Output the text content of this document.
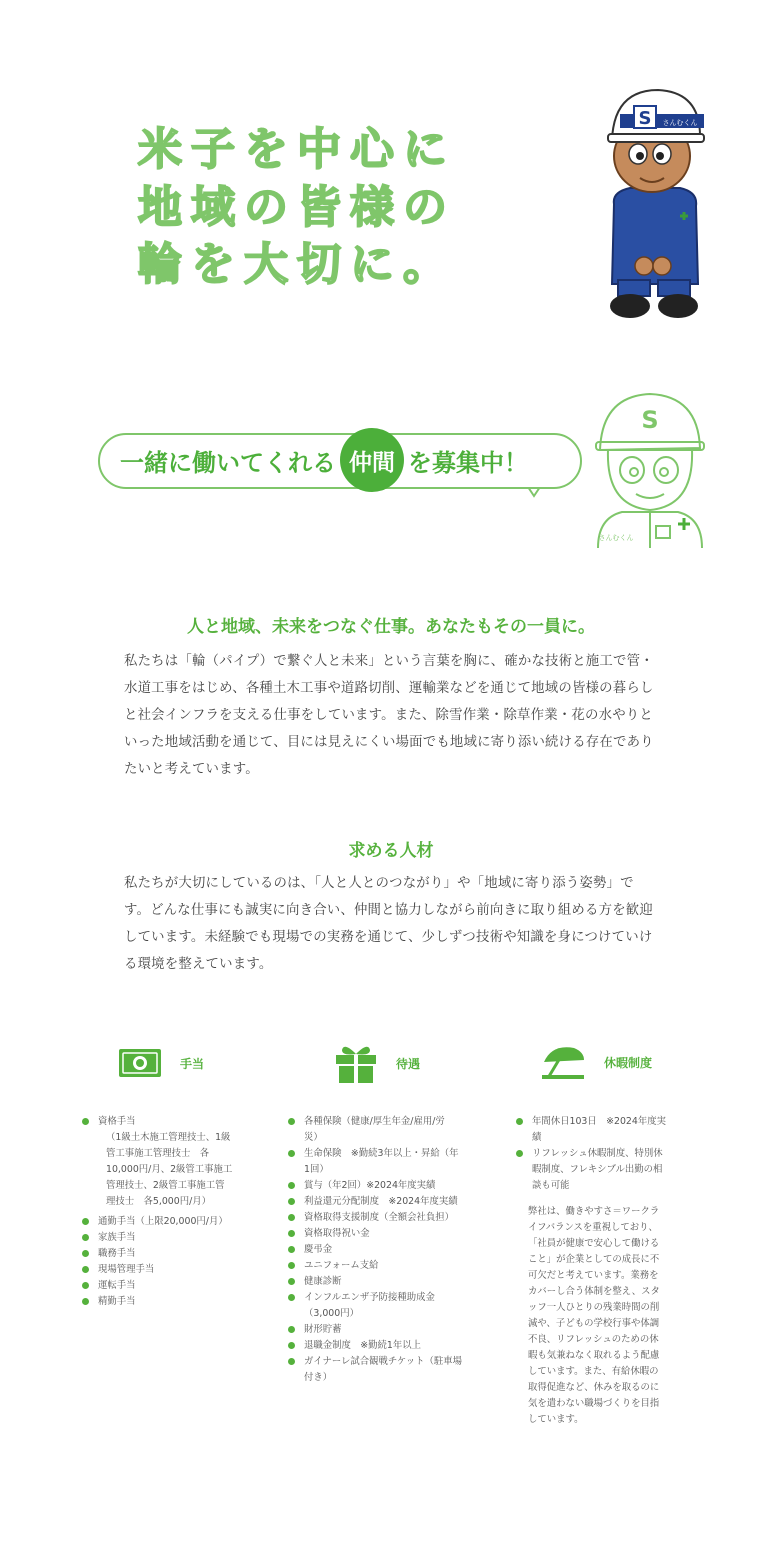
米子を中心に
地域の皆様の
輪を大切に。
S さんむくん
一緒に働いてくれる 仲間 を募集中！
S
さんむくん
人と地域、未来をつなぐ仕事。あなたもその一員に。
私たちは「輪（パイプ）で繋ぐ人と未来」という言葉を胸に、確かな技術と施工で管・
水道工事をはじめ、各種土木工事や道路切削、運輸業などを通じて地域の皆様の暮らし
と社会インフラを支える仕事をしています。また、除雪作業・除草作業・花の水やりと
いった地域活動を通じて、目には見えにくい場面でも地域に寄り添い続ける存在であり
たいと考えています。
求める人材
私たちが大切にしているのは、「人と人とのつながり」や「地域に寄り添う姿勢」で
す。どんな仕事にも誠実に向き合い、仲間と協力しながら前向きに取り組める方を歓迎
しています。未経験でも現場での実務を通じて、少しずつ技術や知識を身につけていけ
る環境を整えています。
手当	待遇	休暇制度
資格手当
（1級土木施工管理技士、1級
管工事施工管理技士　各
10,000円/月、2級管工事施工
管理技士、2級管工事施工管
理技士　各5,000円/月）
通勤手当（上限20,000円/月）
家族手当
職務手当
現場管理手当
運転手当
精勤手当
各種保険（健康/厚生年金/雇用/労
災）
生命保険　※勤続3年以上・昇給（年
1回）
賞与（年2回）※2024年度実績
利益還元分配制度　※2024年度実績
資格取得支援制度（全額会社負担）
資格取得祝い金
慶弔金
ユニフォーム支給
健康診断
インフルエンザ予防接種助成金
（3,000円）
財形貯蓄
退職金制度　※勤続1年以上
ガイナーレ試合観戦チケット（駐車場
付き）
年間休日103日　※2024年度実
績
リフレッシュ休暇制度、特別休
暇制度、フレキシブル出勤の相
談も可能
弊社は、働きやすさ＝ワークラ
イフバランスを重視しており、
「社員が健康で安心して働ける
こと」が企業としての成長に不
可欠だと考えています。業務を
カバーし合う体制を整え、スタ
ッフ一人ひとりの残業時間の削
減や、子どもの学校行事や体調
不良、リフレッシュのための休
暇も気兼ねなく取れるよう配慮
しています。また、有給休暇の
取得促進など、休みを取るのに
気を遣わない職場づくりを目指
しています。
